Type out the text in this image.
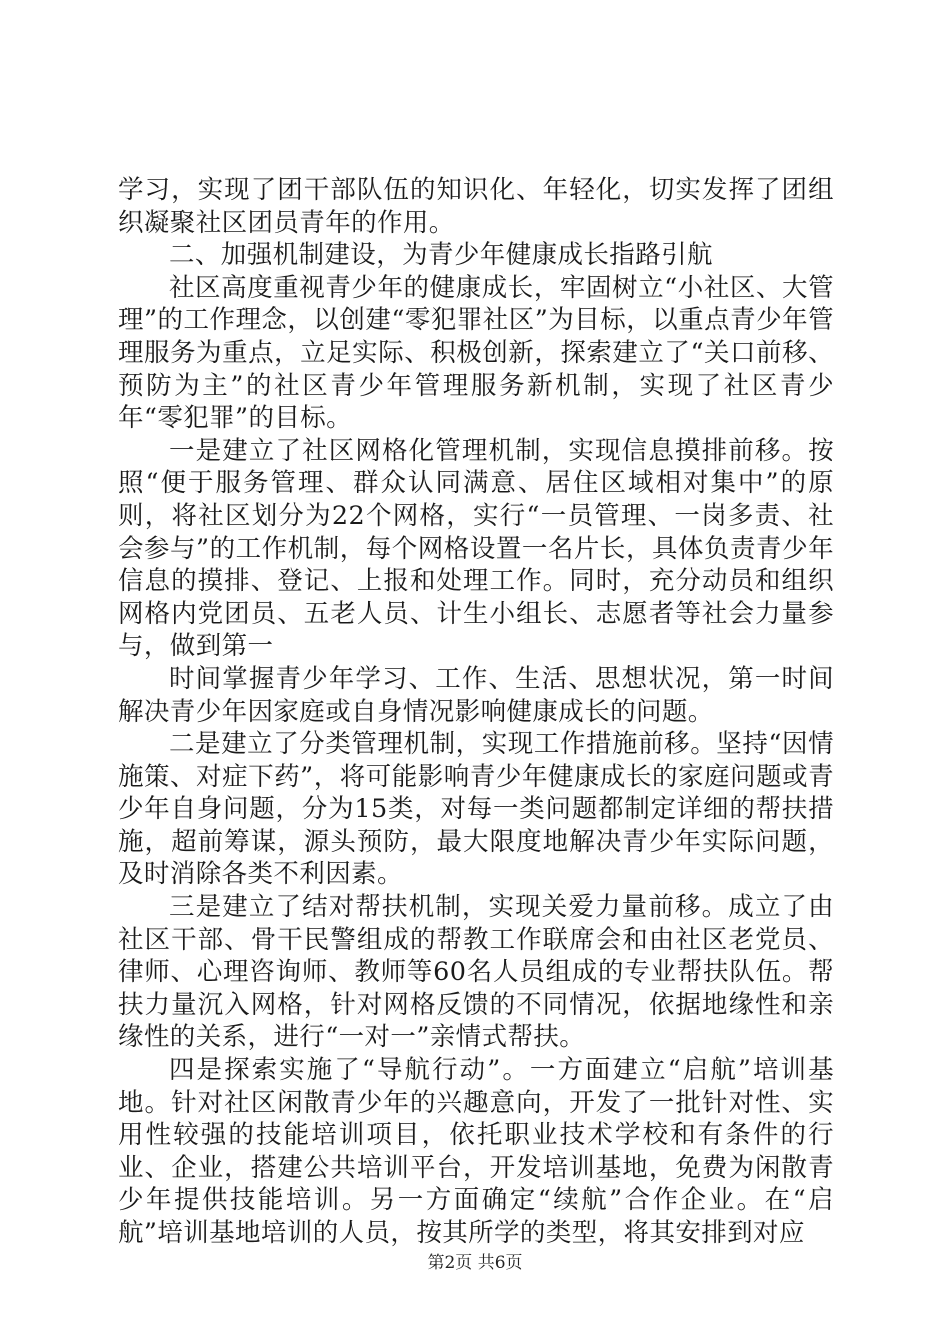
学习，实现了团干部队伍的知识化、年轻化，切实发挥了团组织凝聚社区团员青年的作用。

二、加强机制建设，为青少年健康成长指路引航

社区高度重视青少年的健康成长，牢固树立“小社区、大管理”的工作理念，以创建“零犯罪社区”为目标，以重点青少年管理服务为重点，立足实际、积极创新，探索建立了“关口前移、预防为主”的社区青少年管理服务新机制，实现了社区青少年“零犯罪”的目标。

一是建立了社区网格化管理机制，实现信息摸排前移。按照“便于服务管理、群众认同满意、居住区域相对集中”的原则，将社区划分为22个网格，实行“一员管理、一岗多责、社会参与”的工作机制，每个网格设置一名片长，具体负责青少年信息的摸排、登记、上报和处理工作。同时，充分动员和组织网格内党团员、五老人员、计生小组长、志愿者等社会力量参与，做到第一

时间掌握青少年学习、工作、生活、思想状况，第一时间解决青少年因家庭或自身情况影响健康成长的问题。

二是建立了分类管理机制，实现工作措施前移。坚持“因情施策、对症下药”，将可能影响青少年健康成长的家庭问题或青少年自身问题，分为15类，对每一类问题都制定详细的帮扶措施，超前筹谋，源头预防，最大限度地解决青少年实际问题，及时消除各类不利因素。

三是建立了结对帮扶机制，实现关爱力量前移。成立了由社区干部、骨干民警组成的帮教工作联席会和由社区老党员、律师、心理咨询师、教师等60名人员组成的专业帮扶队伍。帮扶力量沉入网格，针对网格反馈的不同情况，依据地缘性和亲缘性的关系，进行“一对一”亲情式帮扶。

四是探索实施了“导航行动”。一方面建立“启航”培训基地。针对社区闲散青少年的兴趣意向，开发了一批针对性、实用性较强的技能培训项目，依托职业技术学校和有条件的行业、企业，搭建公共培训平台，开发培训基地，免费为闲散青少年提供技能培训。另一方面确定“续航”合作企业。在“启航”培训基地培训的人员，按其所学的类型，将其安排到对应

第2页 共6页
